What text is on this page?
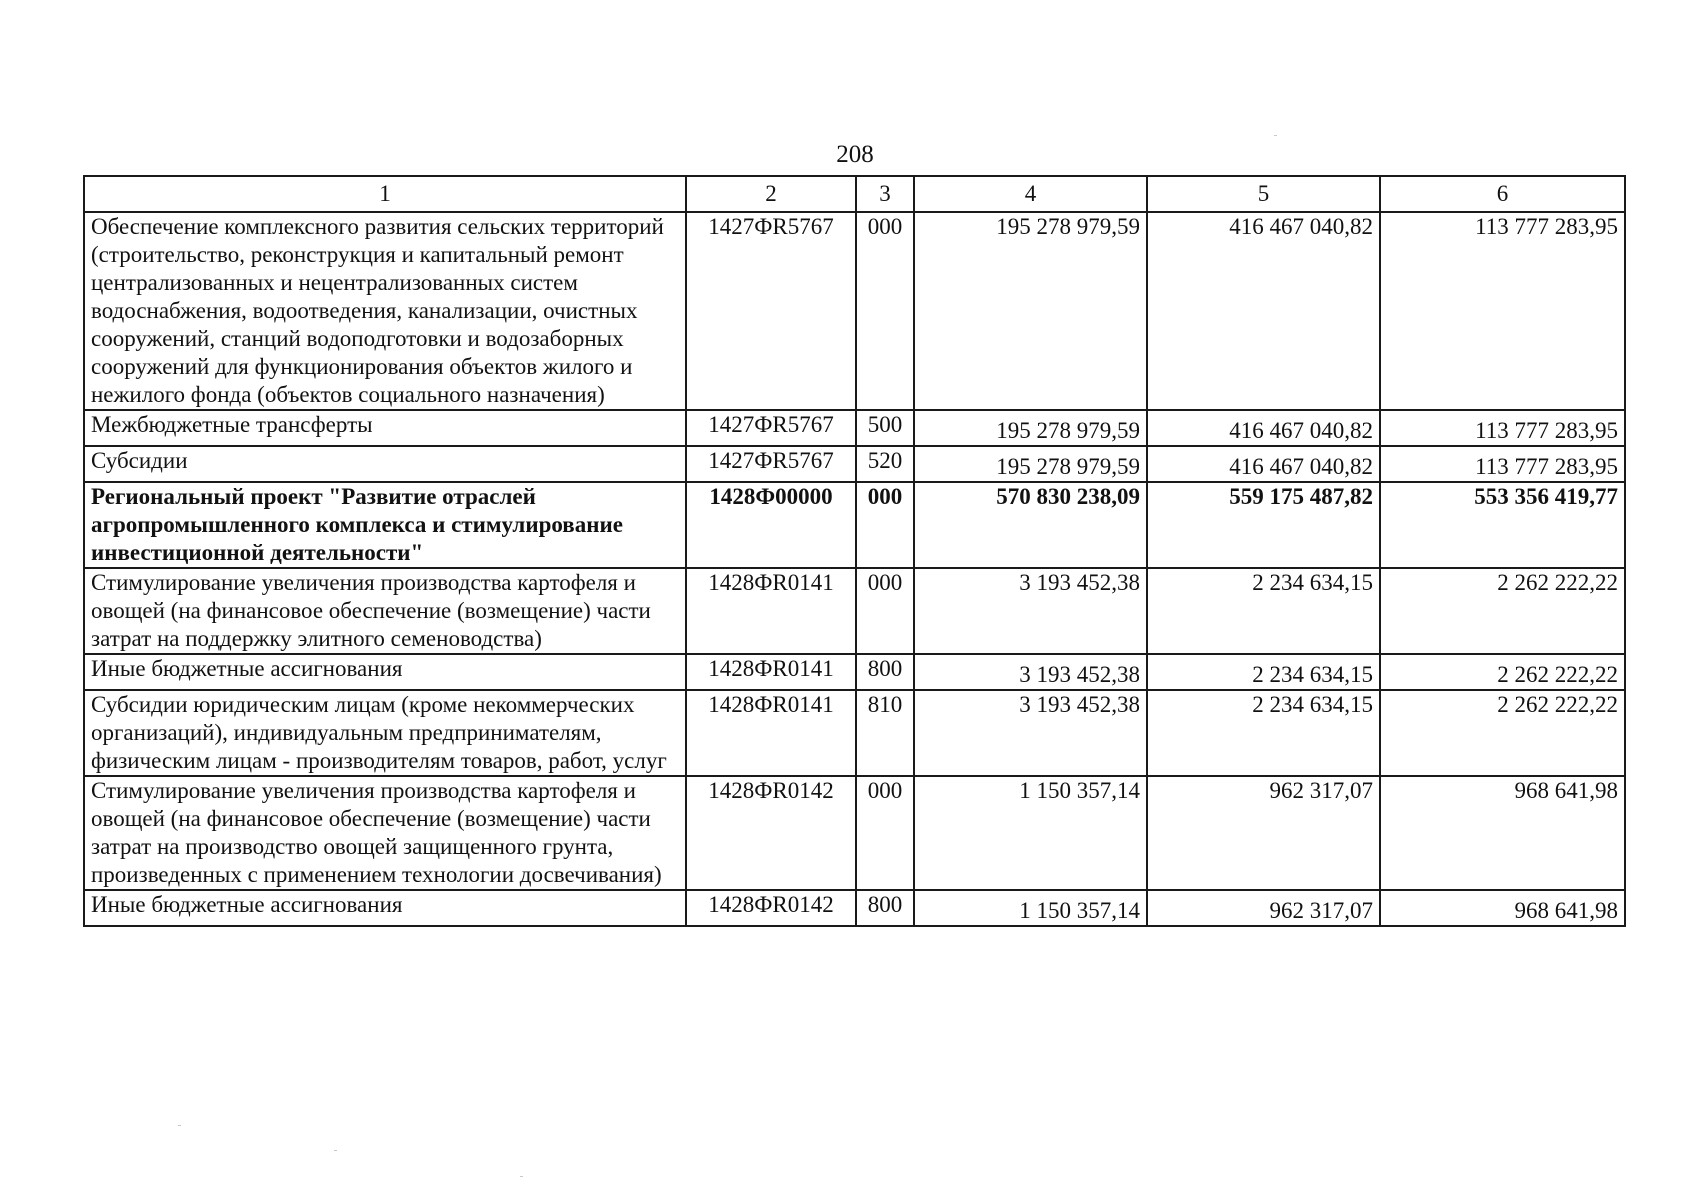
208
1	2	3	4	5	6
Обеспечение комплексного развития сельских территорий (строительство, реконструкция и капитальный ремонт централизованных и нецентрализованных систем водоснабжения, водоотведения, канализации, очистных сооружений, станций водоподготовки и водозаборных сооружений для функционирования объектов жилого и нежилого фонда (объектов социального назначения)	1427ФR5767	000	195 278 979,59	416 467 040,82	113 777 283,95
Межбюджетные трансферты	1427ФR5767	500	195 278 979,59	416 467 040,82	113 777 283,95
Субсидии	1427ФR5767	520	195 278 979,59	416 467 040,82	113 777 283,95
Региональный проект "Развитие отраслей агропромышленного комплекса и стимулирование инвестиционной деятельности"	1428Ф00000	000	570 830 238,09	559 175 487,82	553 356 419,77
Стимулирование увеличения производства картофеля и овощей (на финансовое обеспечение (возмещение) части затрат на поддержку элитного семеноводства)	1428ФR0141	000	3 193 452,38	2 234 634,15	2 262 222,22
Иные бюджетные ассигнования	1428ФR0141	800	3 193 452,38	2 234 634,15	2 262 222,22
Субсидии юридическим лицам (кроме некоммерческих организаций), индивидуальным предпринимателям, физическим лицам - производителям товаров, работ, услуг	1428ФR0141	810	3 193 452,38	2 234 634,15	2 262 222,22
Стимулирование увеличения производства картофеля и овощей (на финансовое обеспечение (возмещение) части затрат на производство овощей защищенного грунта, произведенных с применением технологии досвечивания)	1428ФR0142	000	1 150 357,14	962 317,07	968 641,98
Иные бюджетные ассигнования	1428ФR0142	800	1 150 357,14	962 317,07	968 641,98
